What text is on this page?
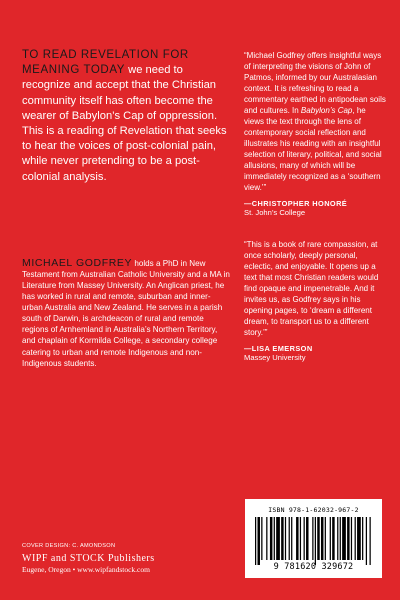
TO READ REVELATION FOR MEANING TODAY we need to recognize and accept that the Christian community itself has often become the wearer of Babylon’s Cap of oppression. This is a reading of Revelation that seeks to hear the voices of post-colonial pain, while never pretending to be a post-colonial analysis.

MICHAEL GODFREY holds a PhD in New Testament from Australian Catholic University and a MA in Literature from Massey University. An Anglican priest, he has worked in rural and remote, suburban and inner-urban Australia and New Zealand. He serves in a parish south of Darwin, is archdeacon of rural and remote regions of Arnhemland in Australia’s Northern Territory, and chaplain of Kormilda College, a secondary college catering to urban and remote Indigenous and non-Indigenous students.

“Michael Godfrey offers insightful ways of interpreting the visions of John of Patmos, informed by our Australasian context. It is refreshing to read a commentary earthed in antipodean soils and cultures. In Babylon’s Cap, he views the text through the lens of contemporary social reflection and illustrates his reading with an insightful selection of literary, political, and social allusions, many of which will be immediately recognized as a ‘southern view.’”
—CHRISTOPHER HONORÉ
St. John’s College
“This is a book of rare compassion, at once scholarly, deeply personal, eclectic, and enjoyable. It opens up a text that most Christian readers would find opaque and impenetrable. And it invites us, as Godfrey says in his opening pages, to ‘dream a different dream, to transport us to a different story.’”
—LISA EMERSON
Massey University
COVER DESIGN: C. AMONDSON
WIPF and STOCK Publishers
Eugene, Oregon • www.wipfandstock.com
ISBN 978-1-62032-967-2
9 781620 329672
